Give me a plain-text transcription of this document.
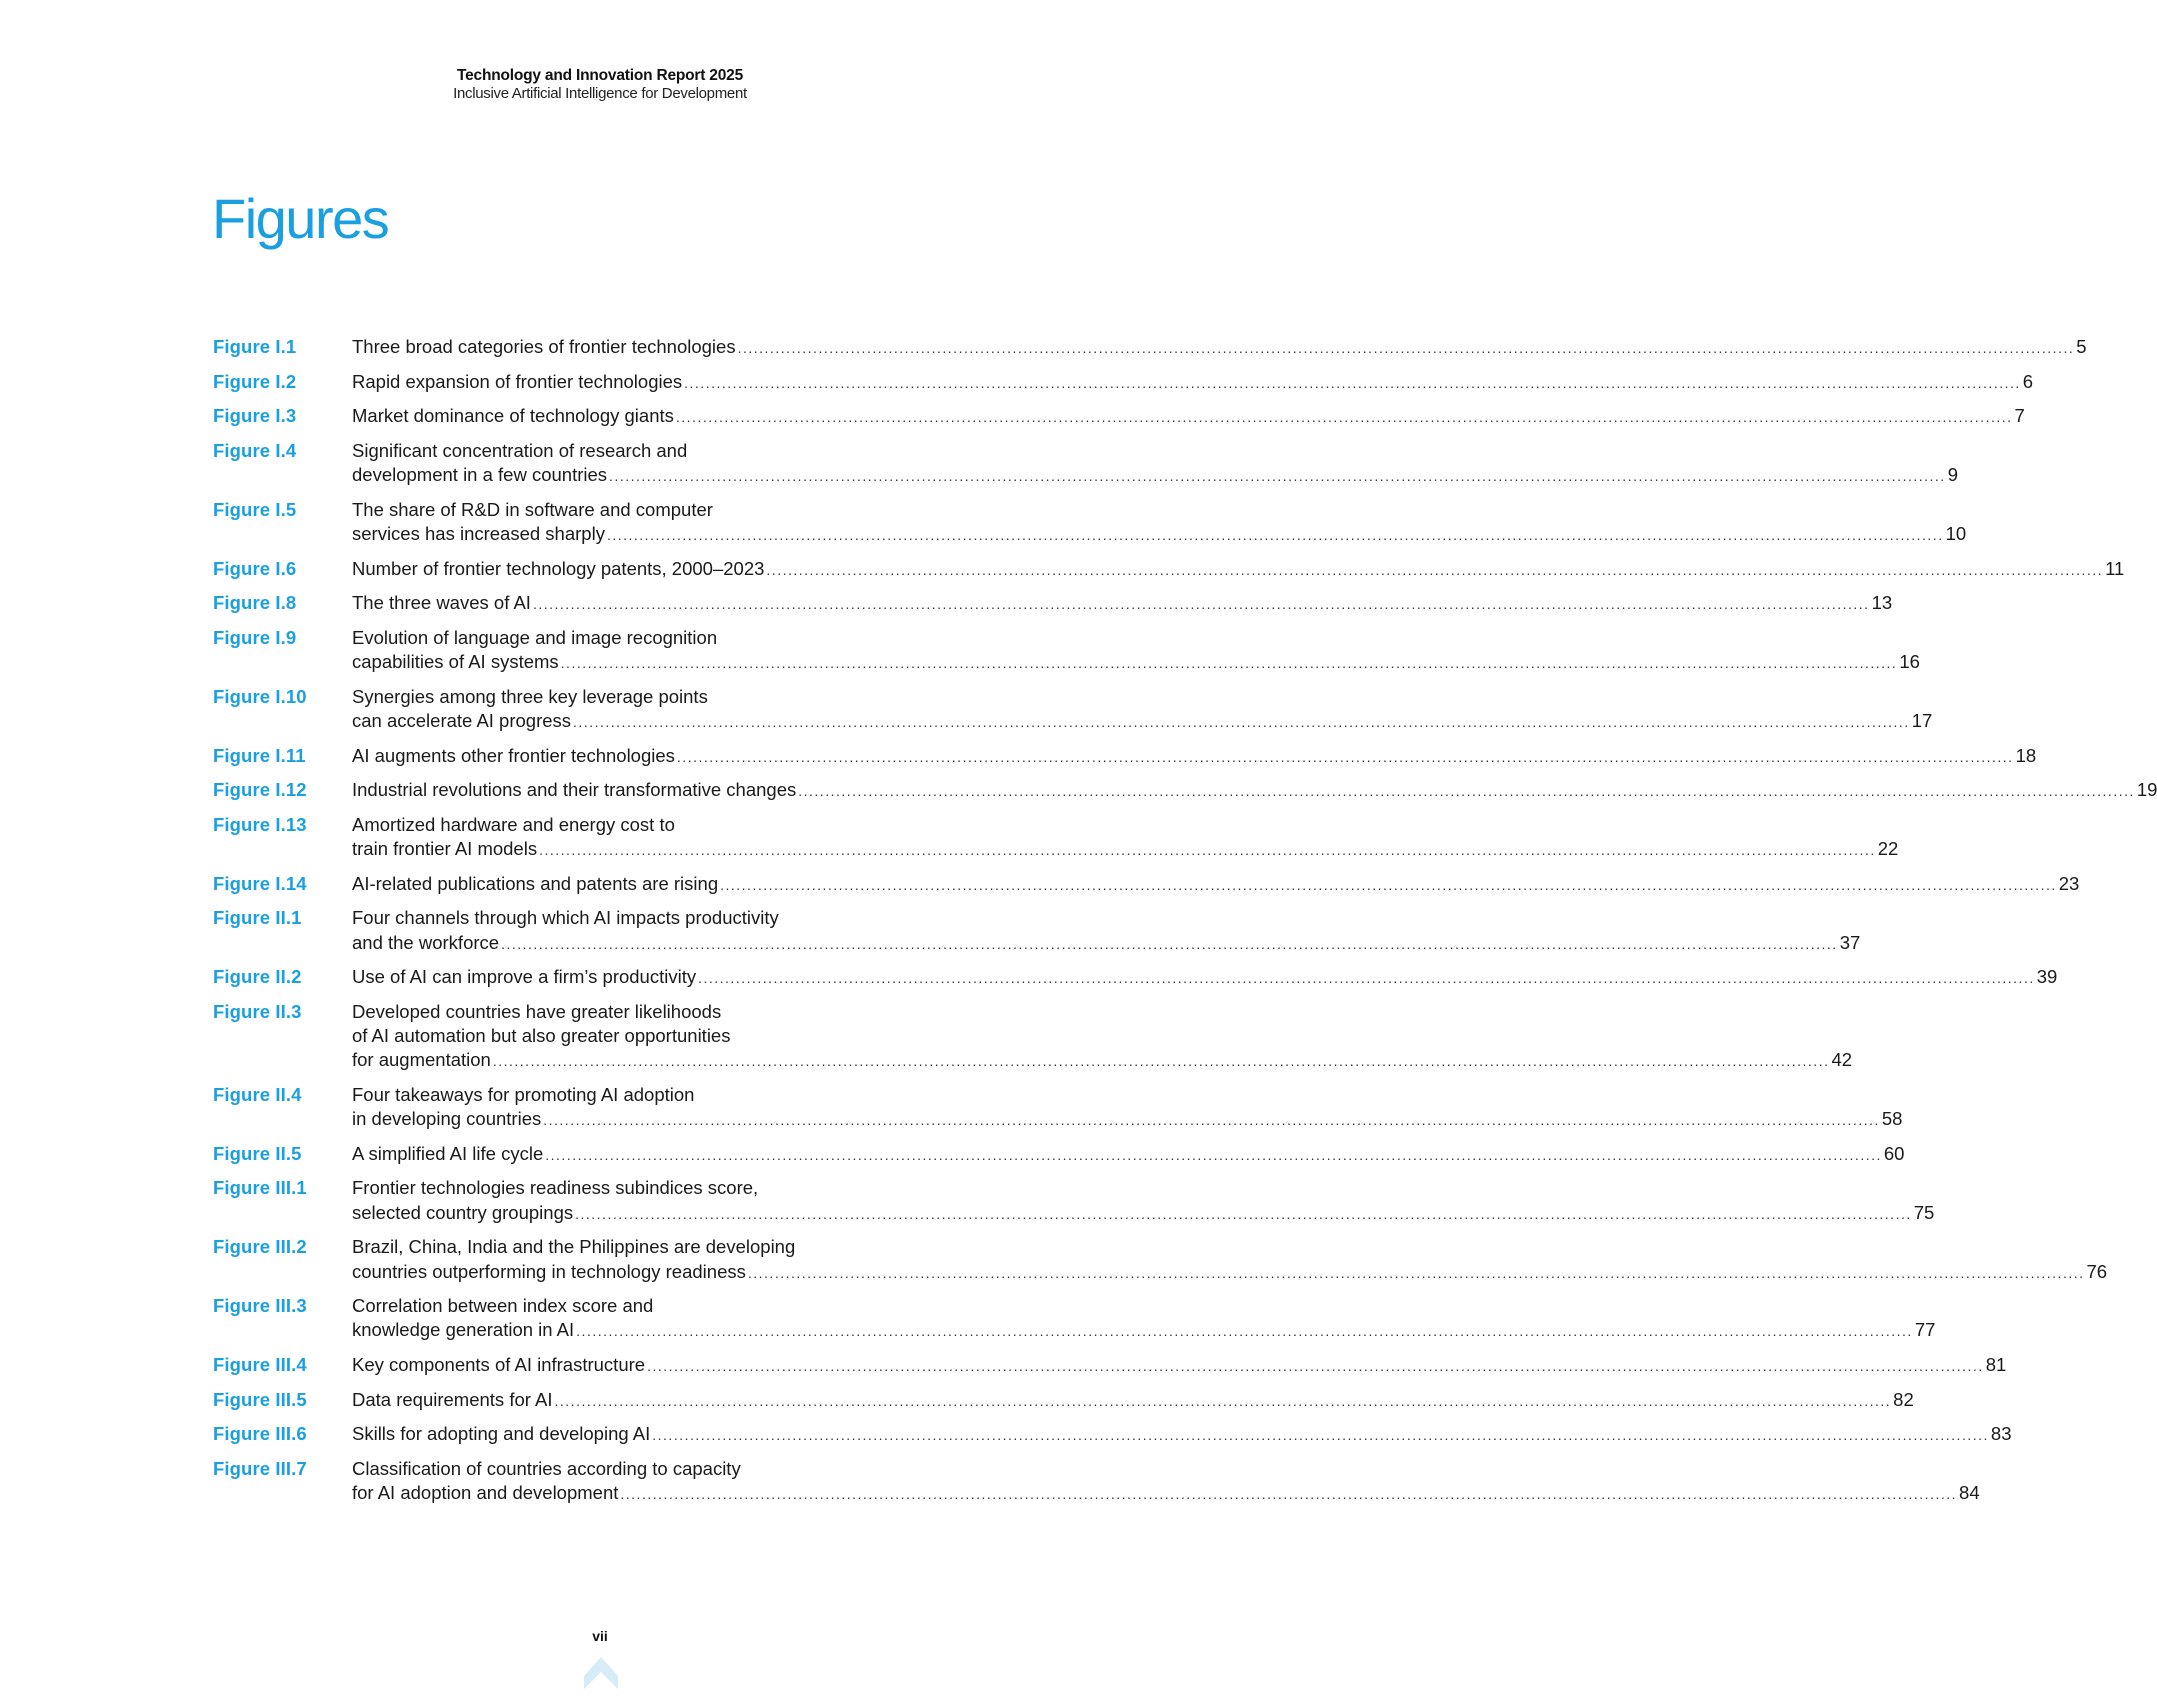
Technology and Innovation Report 2025
Inclusive Artificial Intelligence for Development
Figures
Figure I.1	Three broad categories of frontier technologies .....	5
Figure I.2	Rapid expansion of frontier technologies .....	6
Figure I.3	Market dominance of technology giants .....	7
Figure I.4	Significant concentration of research and
development in a few countries .....	9
Figure I.5	The share of R&D in software and computer
services has increased sharply .....	10
Figure I.6	Number of frontier technology patents, 2000–2023 .....	11
Figure I.8	The three waves of AI .....	13
Figure I.9	Evolution of language and image recognition
capabilities of AI systems .....	16
Figure I.10	Synergies among three key leverage points
can accelerate AI progress .....	17
Figure I.11	AI augments other frontier technologies .....	18
Figure I.12	Industrial revolutions and their transformative changes .....	19
Figure I.13	Amortized hardware and energy cost to
train frontier AI models .....	22
Figure I.14	AI-related publications and patents are rising .....	23
Figure II.1	Four channels through which AI impacts productivity
and the workforce .....	37
Figure II.2	Use of AI can improve a firm’s productivity .....	39
Figure II.3	Developed countries have greater likelihoods
of AI automation but also greater opportunities
for augmentation .....	42
Figure II.4	Four takeaways for promoting AI adoption
in developing countries .....	58
Figure II.5	A simplified AI life cycle .....	60
Figure III.1	Frontier technologies readiness subindices score,
selected country groupings .....	75
Figure III.2	Brazil, China, India and the Philippines are developing
countries outperforming in technology readiness .....	76
Figure III.3	Correlation between index score and
knowledge generation in AI .....	77
Figure III.4	Key components of AI infrastructure .....	81
Figure III.5	Data requirements for AI .....	82
Figure III.6	Skills for adopting and developing AI .....	83
Figure III.7	Classification of countries according to capacity
for AI adoption and development .....	84
vii
